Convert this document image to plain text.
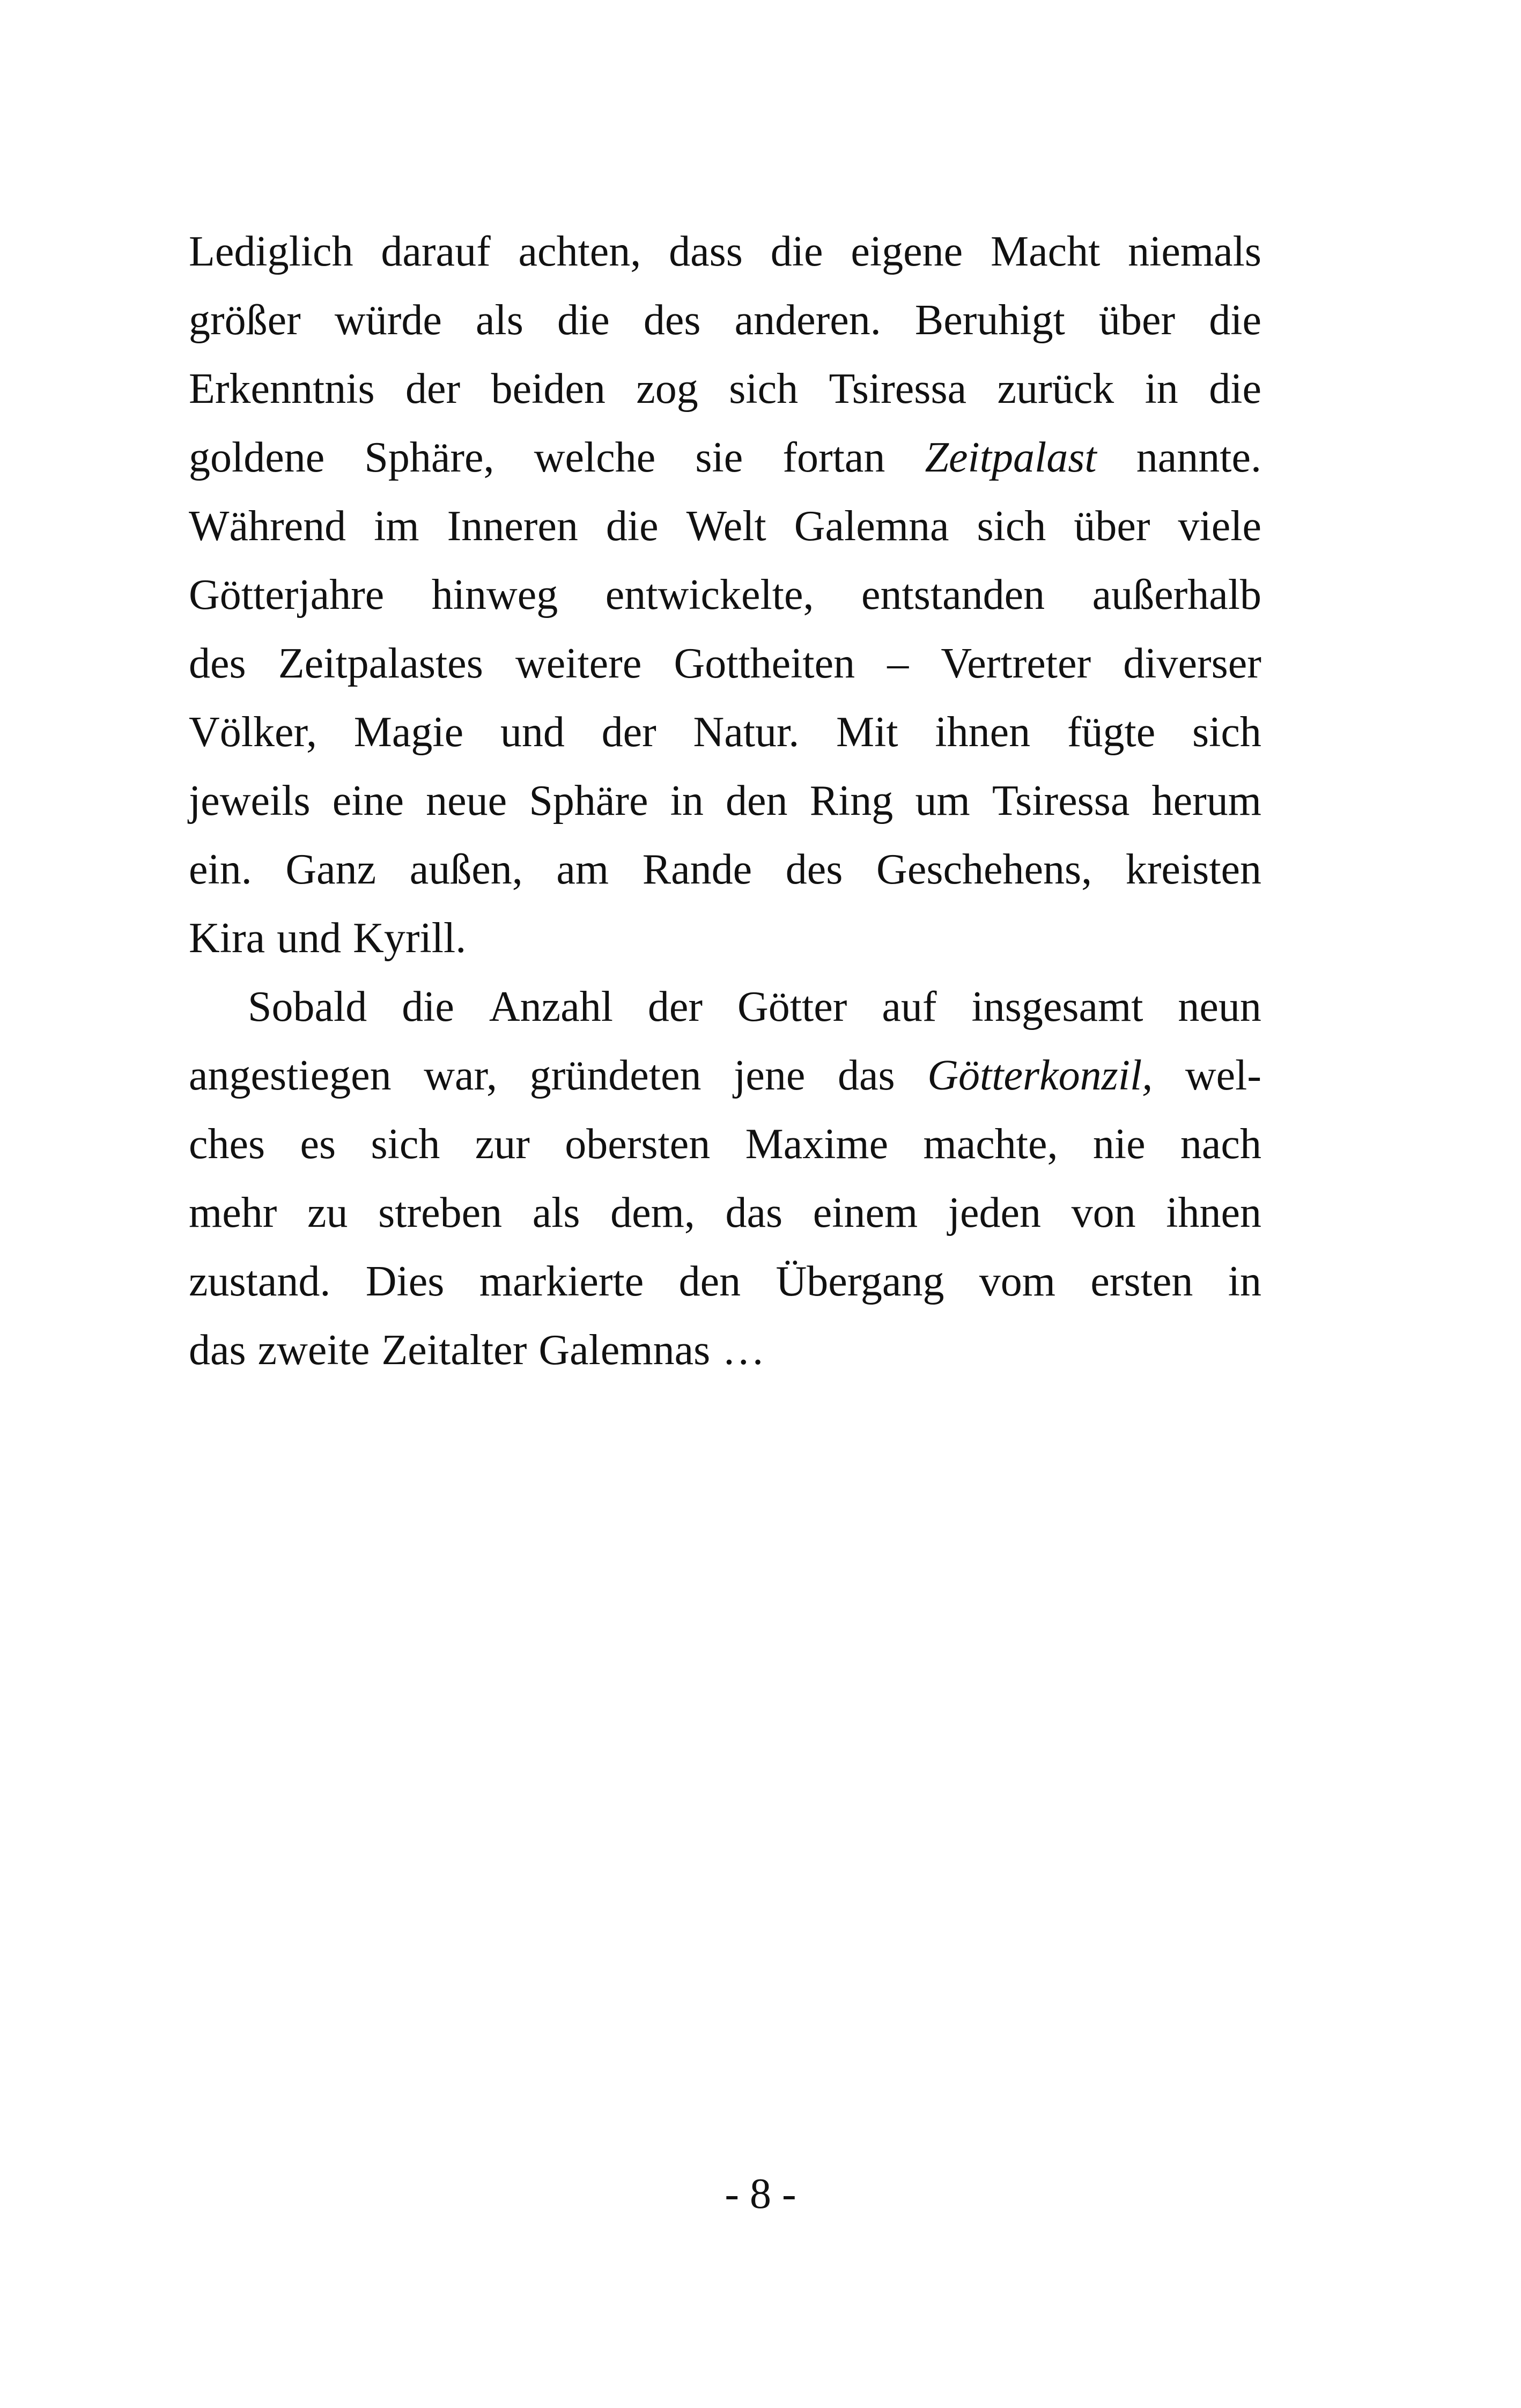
Lediglich darauf achten, dass die eigene Macht niemals
größer würde als die des anderen. Beruhigt über die
Erkenntnis der beiden zog sich Tsiressa zurück in die
goldene Sphäre, welche sie fortan Zeitpalast nannte.
Während im Inneren die Welt Galemna sich über viele
Götterjahre hinweg entwickelte, entstanden außerhalb
des Zeitpalastes weitere Gottheiten – Vertreter diverser
Völker, Magie und der Natur. Mit ihnen fügte sich
jeweils eine neue Sphäre in den Ring um Tsiressa herum
ein. Ganz außen, am Rande des Geschehens, kreisten
Kira und Kyrill.
Sobald die Anzahl der Götter auf insgesamt neun
angestiegen war, gründeten jene das Götterkonzil, wel-
ches es sich zur obersten Maxime machte, nie nach
mehr zu streben als dem, das einem jeden von ihnen
zustand. Dies markierte den Übergang vom ersten in
das zweite Zeitalter Galemnas …
- 8 -
